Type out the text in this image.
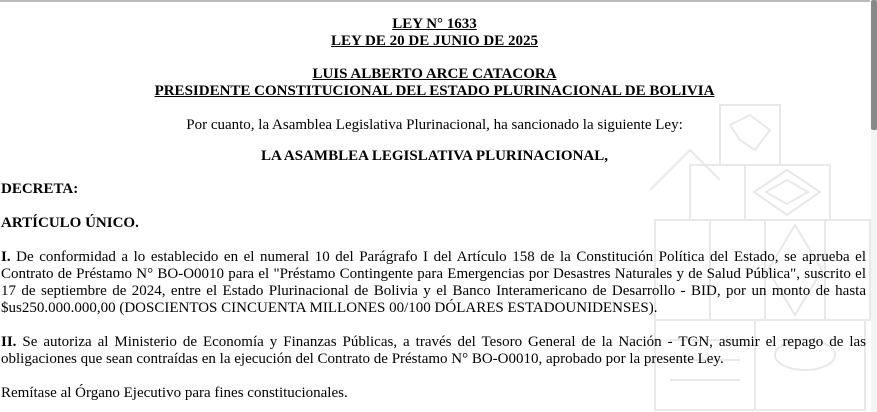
LEY N° 1633

LEY DE 20 DE JUNIO DE 2025

LUIS ALBERTO ARCE CATACORA

PRESIDENTE CONSTITUCIONAL DEL ESTADO PLURINACIONAL DE BOLIVIA

Por cuanto, la Asamblea Legislativa Plurinacional, ha sancionado la siguiente Ley:

LA ASAMBLEA LEGISLATIVA PLURINACIONAL,

DECRETA:

ARTÍCULO ÚNICO.

I. De conformidad a lo establecido en el numeral 10 del Parágrafo I del Artículo 158 de la Constitución Política del Estado, se aprueba el Contrato de Préstamo N° BO-O0010 para el "Préstamo Contingente para Emergencias por Desastres Naturales y de Salud Pública", suscrito el 17 de septiembre de 2024, entre el Estado Plurinacional de Bolivia y el Banco Interamericano de Desarrollo - BID, por un monto de hasta $us250.000.000,00 (DOSCIENTOS CINCUENTA MILLONES 00/100 DÓLARES ESTADOUNIDENSES).

II. Se autoriza al Ministerio de Economía y Finanzas Públicas, a través del Tesoro General de la Nación - TGN, asumir el repago de las obligaciones que sean contraídas en la ejecución del Contrato de Préstamo N° BO-O0010, aprobado por la presente Ley.

Remítase al Órgano Ejecutivo para fines constitucionales.
